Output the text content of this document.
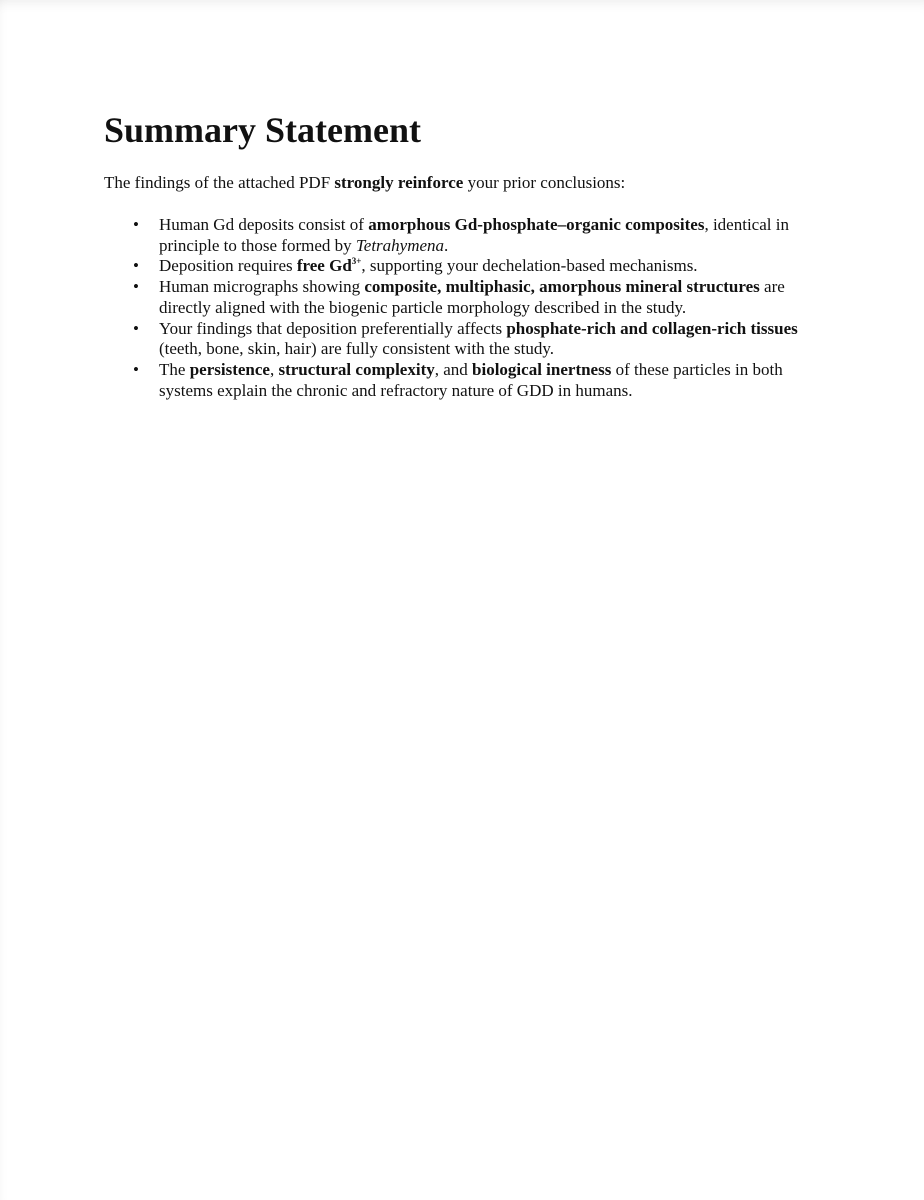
Summary Statement

The findings of the attached PDF strongly reinforce your prior conclusions:

• Human Gd deposits consist of amorphous Gd-phosphate–organic composites, identical in principle to those formed by Tetrahymena.
• Deposition requires free $Gd^{3+}$, supporting your dechelation-based mechanisms.
• Human micrographs showing composite, multiphasic, amorphous mineral structures are directly aligned with the biogenic particle morphology described in the study.
• Your findings that deposition preferentially affects phosphate-rich and collagen-rich tissues (teeth, bone, skin, hair) are fully consistent with the study.
• The persistence, structural complexity, and biological inertness of these particles in both systems explain the chronic and refractory nature of GDD in humans.
